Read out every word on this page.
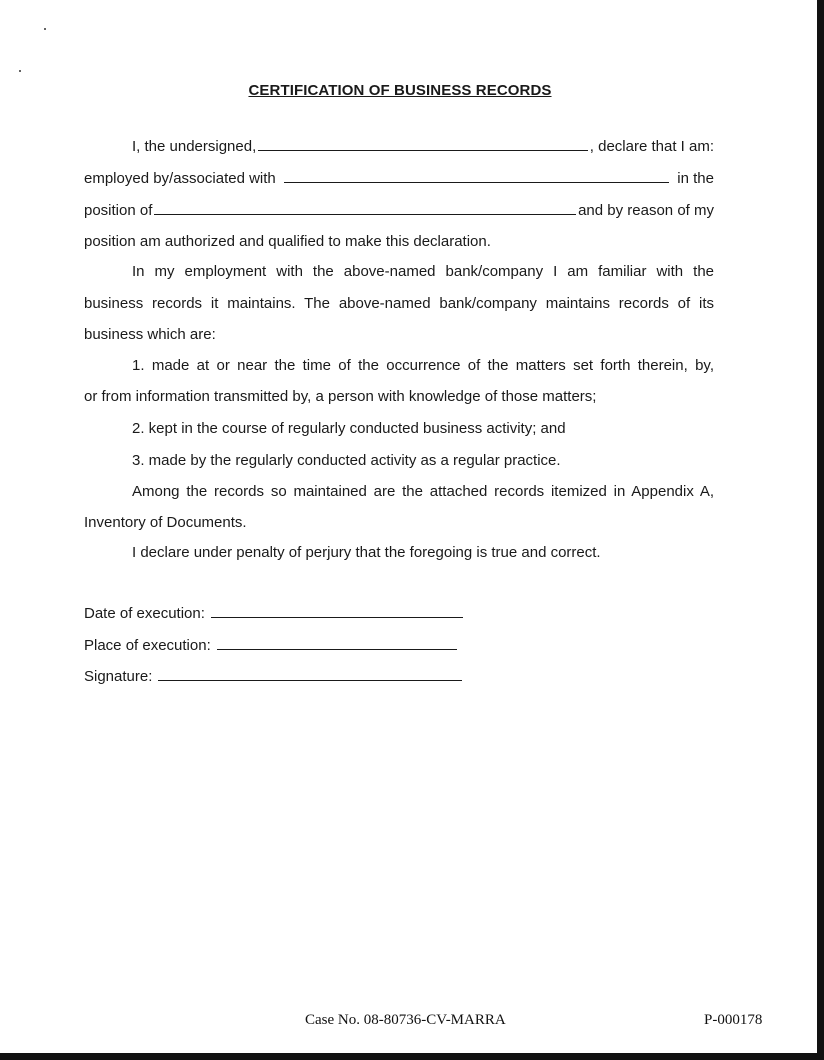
CERTIFICATION OF BUSINESS RECORDS
I, the undersigned,	, declare that I am:
employed by/associated with	in the
position of	and by reason of my
position am authorized and qualified to make this declaration.
In my employment with the above-named bank/company I am familiar with the
business records it maintains. The above-named bank/company maintains records of its
business which are:
1. made at or near the time of the occurrence of the matters set forth therein, by,
or from information transmitted by, a person with knowledge of those matters;
2. kept in the course of regularly conducted business activity; and
3. made by the regularly conducted activity as a regular practice.
Among the records so maintained are the attached records itemized in Appendix A,
Inventory of Documents.
I declare under penalty of perjury that the foregoing is true and correct.
Date of execution:
Place of execution:
Signature:
Case No. 08-80736-CV-MARRA	P-000178
